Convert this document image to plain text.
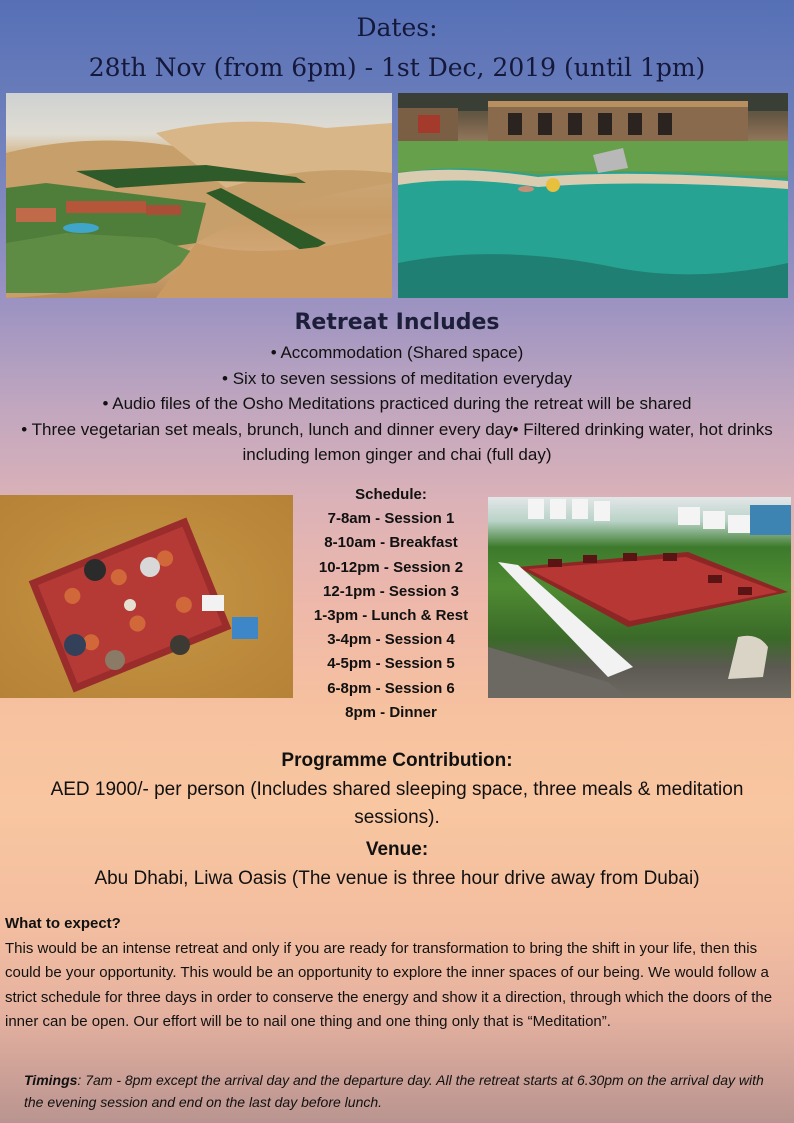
Dates:
28th Nov (from 6pm) - 1st Dec, 2019 (until 1pm)
Retreat Includes
• Accommodation (Shared space)
• Six to seven sessions of meditation everyday
• Audio files of the Osho Meditations practiced during the retreat will be shared
• Three vegetarian set meals, brunch, lunch and dinner every day• Filtered drinking water, hot drinks including lemon ginger and chai (full day)
Schedule:
7-8am - Session 1
8-10am - Breakfast
10-12pm - Session 2
12-1pm - Session 3
1-3pm - Lunch & Rest
3-4pm - Session 4
4-5pm - Session 5
6-8pm - Session 6
8pm - Dinner
Programme Contribution:
AED 1900/- per person (Includes shared sleeping space, three meals & meditation sessions).
Venue:
Abu Dhabi, Liwa Oasis (The venue is three hour drive away from Dubai)
What to expect?
This would be an intense retreat and only if you are ready for transformation to bring the shift in your life, then this could be your opportunity. This would be an opportunity to explore the inner spaces of our being. We would follow a strict schedule for three days in order to conserve the energy and show it a direction, through which the doors of the inner can be open. Our effort will be to nail one thing and one thing only that is “Meditation”.
Timings: 7am - 8pm except the arrival day and the departure day. All the retreat starts at 6.30pm on the arrival day with the evening session and end on the last day before lunch.
